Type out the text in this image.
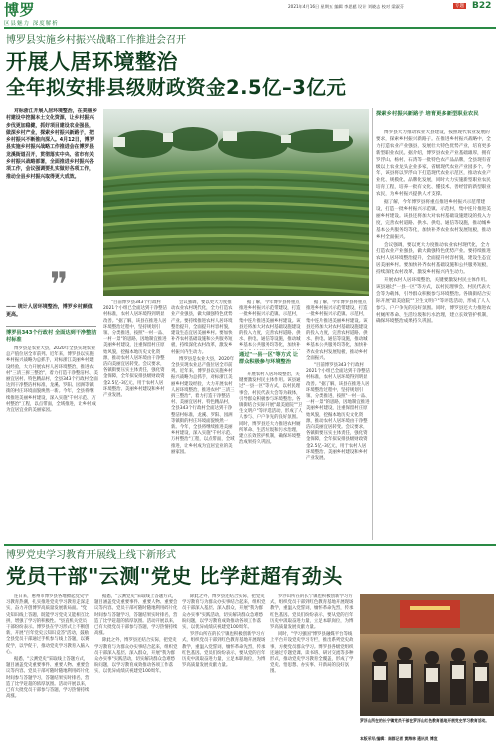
博罗
区县魅力 深度解析
2021年4月16日 星期五 编辑 李思慈 设计 刘晓志 校对 梁淑芬	专题 B22
博罗县实施乡村振兴战略工作推进会召开
开展人居环境整治
全年拟安排县级财政资金2.5亿–3亿元

对标浙江开展人居环境整治，在美丽乡村建设中挖掘本土文化资源，让乡村振兴步伐更加稳健，抓好项目建设农业强县，做深乡村产业，探索乡村振兴新路子，把乡村振兴不断推向深入。4月12日，博罗县实施乡村振兴战略工作推进会在博罗县龙溪街道召开，贯彻落实中央、省市有关乡村振兴战略部署，全面推进乡村振兴各项工作，会议强调要扎实做好各项工作，推动全县乡村振兴取得更大成效。

❞
—— 统计人居环境整治，博罗乡村颜值更高。
探索乡村振兴新路子 培育更多新型职业农民

博罗县大力推动农业大县建设，按照现代农业发展的要求，探索乡村振兴新路子。在推进乡村振兴战略中，全力打造农业产业强县，发展壮大特色优势产业，培育更多新型职业农民。据介绍，博罗县农业产业基础雄厚，拥有罗浮山、杨村、石湾等一批特色农产品品牌，全县现有省级以上农业龙头企业多家，省级现代农业产业园多个。今年，该县将以罗浮山下打造现代农业示范区，推动农业产业化、规模化、品牌化发展，同时大力实施新型职业农民培育工程，培养一批有文化、懂技术、善经营的新型职业农民，为乡村振兴提供人才支撑。

据了解，今年博罗县将重点推进乡村振兴示范带建设，打造一批乡村振兴示范镇、示范村，集中连片推进美丽乡村建设。该县还将加大对农村基础设施建设的投入力度，完善农村道路、供水、供电、通信等设施，推动城乡基本公共服务均等化，加快补齐农业农村发展短板，推动乡村全面振兴。

会议强调，要以更大力度推动农业农村现代化，全力打造农业产业强县，做大做强特色优势产业。要持续推进农村人居环境整治提升，全面提升村容村貌，建设生态宜居美丽乡村。要加快补齐农村基础设施和公共服务短板，持续深化农村改革，激发乡村振兴内生动力。

开展农村人居环境整治，关键要激发村民主体作用。该县通过"一县一区"等方式，以村民理事会、村民代表大会等为载体，引导群众积极参与环境整治。各镇街结合实际开展"最美庭院""卫生文明户"等评选活动，形成了人人参与、户户争先的良好氛围。同时，博罗县还大力推进农村厕所革命、生活垃圾和污水治理，建立长效管护机制，确保环境整治成果持久巩固。

博罗县343个行政村 全面达到干净整洁村标准

博罗县是农业大县，2020年全县实现农业总产值位居全市前列。近年来，博罗县以实施乡村振兴战略为总抓手，对标浙江美丽乡村建设经验，大力开展农村人居环境整治，推进农村"三清三拆三整治"，着力打造干净整洁村、美丽宜居村、特色精品村，全县343个行政村全面达到干净整洁村标准，龙溪、罗阳、园洲等镇街的村庄环境面貌焕然一新。今年，全县将继续推进美丽乡村建设，深入实施"千村示范、万村整治"工程，以点带面，全域推进，让乡村成为宜居宜业的美丽家园。

"目前博罗县343个行政村2021个小组已全面达到干净整洁村标准，农村人居环境得到明显改善。"据了解，该县在推进人居环境整治过程中，坚持规划引领、分类推进，按照"一村一品、一村一景"的思路，因地制宜推进美丽乡村建设，注重保留村庄原始风貌，挖掘本地历史文化资源，推动农村人居环境由干净整洁向美丽宜居转变。会议要求，各镇街要压实主体责任，强化资金保障，全年拟安排县级财政资金2.5亿–3亿元，用于农村人居环境整治、美丽乡村建设和乡村产业发展。

会议强调，要以更大力度推动农业农村现代化，全力打造农业产业强县，做大做强特色优势产业。要持续推进农村人居环境整治提升，全面提升村容村貌，建设生态宜居美丽乡村。要加快补齐农村基础设施和公共服务短板，持续深化农村改革，激发乡村振兴内生动力。

博罗县是农业大县，2020年全县实现农业总产值位居全市前列。近年来，博罗县以实施乡村振兴战略为总抓手，对标浙江美丽乡村建设经验，大力开展农村人居环境整治，推进农村"三清三拆三整治"，着力打造干净整洁村、美丽宜居村、特色精品村，全县343个行政村全面达到干净整洁村标准，龙溪、罗阳、园洲等镇街的村庄环境面貌焕然一新。今年，全县将继续推进美丽乡村建设，深入实施"千村示范、万村整治"工程，以点带面，全域推进，让乡村成为宜居宜业的美丽家园。

据了解，今年博罗县将重点推进乡村振兴示范带建设，打造一批乡村振兴示范镇、示范村，集中连片推进美丽乡村建设。该县还将加大对农村基础设施建设的投入力度，完善农村道路、供水、供电、通信等设施，推动城乡基本公共服务均等化，加快补

通过"一县一区"等方式 让群众积极参与环境整治

开展农村人居环境整治，关键要激发村民主体作用。该县通过"一县一区"等方式，以村民理事会、村民代表大会等为载体，引导群众积极参与环境整治。各镇街结合实际开展"最美庭院""卫生文明户"等评选活动，形成了人人参与、户户争先的良好氛围。同时，博罗县还大力推进农村厕所革命、生活垃圾和污水治理，建立长效管护机制，确保环境整治成果持久巩固。

据了解，今年博罗县将重点推进乡村振兴示范带建设，打造一批乡村振兴示范镇、示范村，集中连片推进美丽乡村建设。该县还将加大对农村基础设施建设的投入力度，完善农村道路、供水、供电、通信等设施，推动城乡基本公共服务均等化，加快补齐农业农村发展短板，推动乡村全面振兴。

"目前博罗县343个行政村2021个小组已全面达到干净整洁村标准，农村人居环境得到明显改善。"据了解，该县在推进人居环境整治过程中，坚持规划引领、分类推进，按照"一村一品、一村一景"的思路，因地制宜推进美丽乡村建设，注重保留村庄原始风貌，挖掘本地历史文化资源，推动农村人居环境由干净整洁向美丽宜居转变。会议要求，各镇街要压实主体责任，强化资金保障，全年拟安排县级财政资金2.5亿–3亿元，用于农村人居环境整治、美丽乡村建设和乡村产业发展。

博罗党史学习教育开展线上线下新形式
党员干部"云测"党史 比学赶超有劲头

连日来，惠州市博罗县各地掀起党史学习教育热潮，扎实推进党史学习教育走深走实，奋力开创博罗高质量发展新局面。"党史知识线上答题，既能学习党史又能相互比拼，增强了学习的积极性。"县直机关党员干部纷纷表示。博罗县在学习形式上不断创新，开展"百年党史云知识竞答"活动，鼓励全县党员干部通过手机参与线上答题，以赛促学，以学促干，推动党史学习教育入脑入心。

据悉，"云测党史"采取线上答题方式，题目涵盖党史重要事件、重要人物、重要会议等内容。党员干部可随时随地利用碎片化时间参与答题学习，答题结果实时排名，营造了比学赶超的浓厚氛围。活动开展以来，已有大批党员干部参与答题，学习热情持续高涨。

据悉，"云测党史"采取线上答题方式，题目涵盖党史重要事件、重要人物、重要会议等内容。党员干部可随时随地利用碎片化时间参与答题学习，答题结果实时排名，营造了比学赶超的浓厚氛围。活动开展以来，已有大批党员干部参与答题，学习热情持续高涨。

除此之外，博罗县还结合实际，把党史学习教育与为群众办实事结合起来，组织党员干部深入基层、深入群众，开展"我为群众办实事"实践活动，切实解决群众急难愁盼问题，以学习教育成效推动各项工作落实，以优异成绩庆祝建党100周年。

除此之外，博罗县还结合实际，把党史学习教育与为群众办实事结合起来，组织党员干部深入基层、深入群众，开展"我为群众办实事"实践活动，切实解决群众急难愁盼问题，以学习教育成效推动各项工作落实，以优异成绩庆祝建党100周年。

罗浮山所在的长宁镇也积极创新学习方式，组织党员干部到红色教育基地开展现场教学，重温入党誓词，缅怀革命先烈，传承红色基因。党员们纷纷表示，要从党的百年历史中汲取奋进力量，立足本职岗位，为博罗高质量发展贡献力量。

罗浮山所在的长宁镇也积极创新学习方式，组织党员干部到红色教育基地开展现场教学，重温入党誓词，缅怀革命先烈，传承红色基因。党员们纷纷表示，要从党的百年历史中汲取奋进力量，立足本职岗位，为博罗高质量发展贡献力量。

同时，"学习强国"博罗县融媒平台等线上平台开设党史学习专栏，推出系列党史故事，方便党员群众学习。博罗县各级党组织还通过专题党课、读书班、研讨交流等多种形式，推动党史学习教育全覆盖，形成了学党史、悟思想、办实事、开新局的良好氛围。

罗浮山所在的长宁镇党员干部在罗浮山红色教育基地开展党史学习教育活动。
本版采写/编辑：南都记者 黄海林 通讯员 博宣
